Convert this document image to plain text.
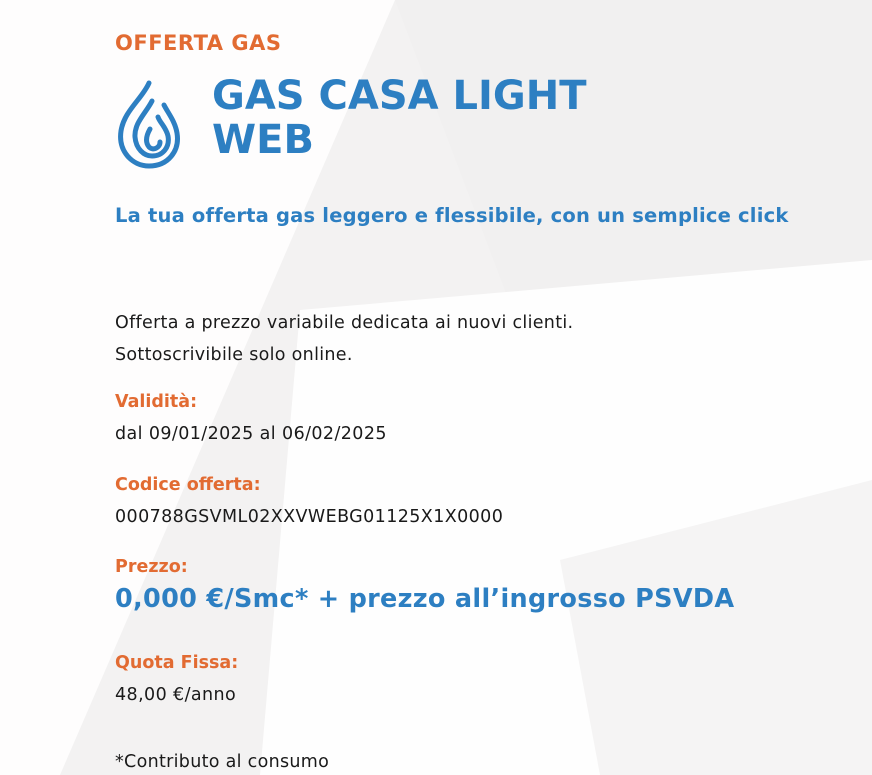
OFFERTA GAS
GAS CASA LIGHT
WEB
La tua offerta gas leggero e flessibile, con un semplice click
Offerta a prezzo variabile dedicata ai nuovi clienti.
Sottoscrivibile solo online.
Validità:
dal 09/01/2025 al 06/02/2025
Codice offerta:
000788GSVML02XXVWEBG01125X1X0000
Prezzo:
0,000 €/Smc* + prezzo all’ingrosso PSVDA
Quota Fissa:
48,00 €/anno
*Contributo al consumo
